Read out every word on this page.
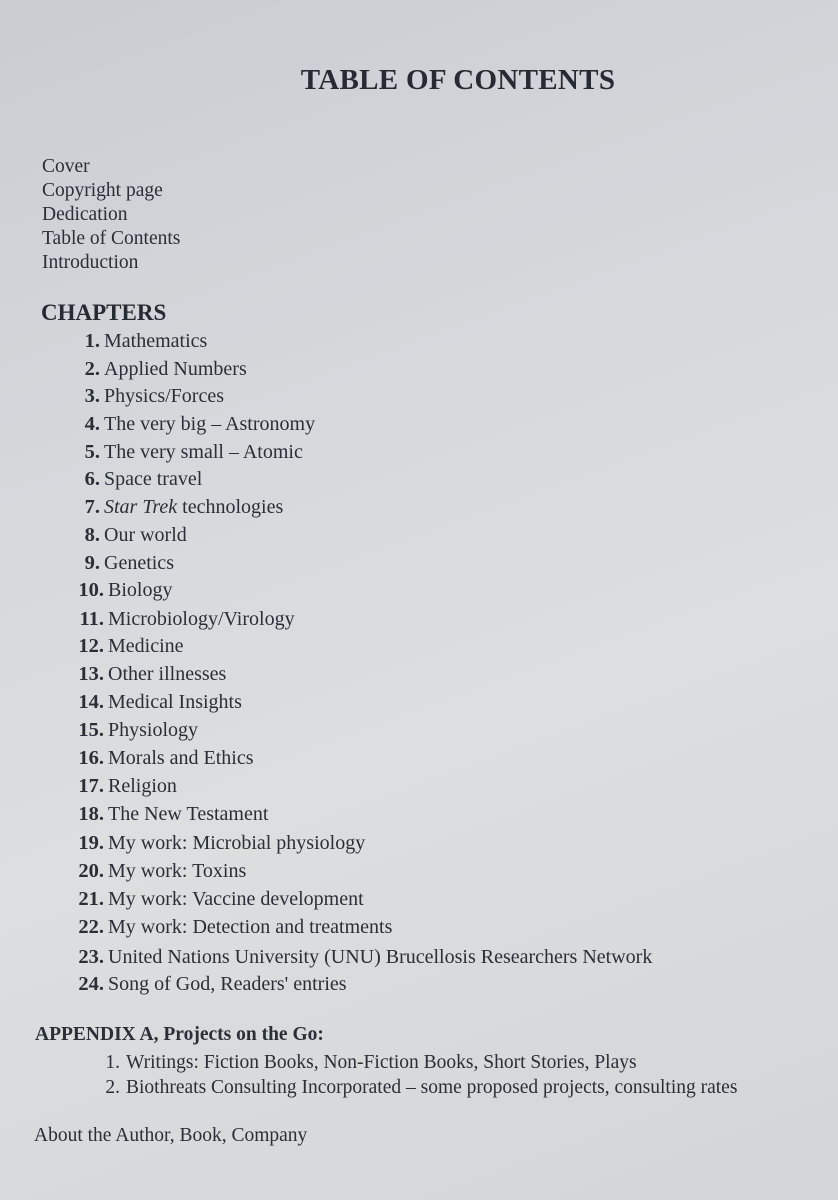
TABLE OF CONTENTS
Cover
Copyright page
Dedication
Table of Contents
Introduction
CHAPTERS
1. Mathematics
2. Applied Numbers
3. Physics/Forces
4. The very big – Astronomy
5. The very small – Atomic
6. Space travel
7. Star Trek technologies
8. Our world
9. Genetics
10. Biology
11. Microbiology/Virology
12. Medicine
13. Other illnesses
14. Medical Insights
15. Physiology
16. Morals and Ethics
17. Religion
18. The New Testament
19. My work: Microbial physiology
20. My work: Toxins
21. My work: Vaccine development
22. My work: Detection and treatments
23. United Nations University (UNU) Brucellosis Researchers Network
24. Song of God, Readers' entries
APPENDIX A, Projects on the Go:
1. Writings: Fiction Books, Non-Fiction Books, Short Stories, Plays
2. Biothreats Consulting Incorporated – some proposed projects, consulting rates
About the Author, Book, Company
